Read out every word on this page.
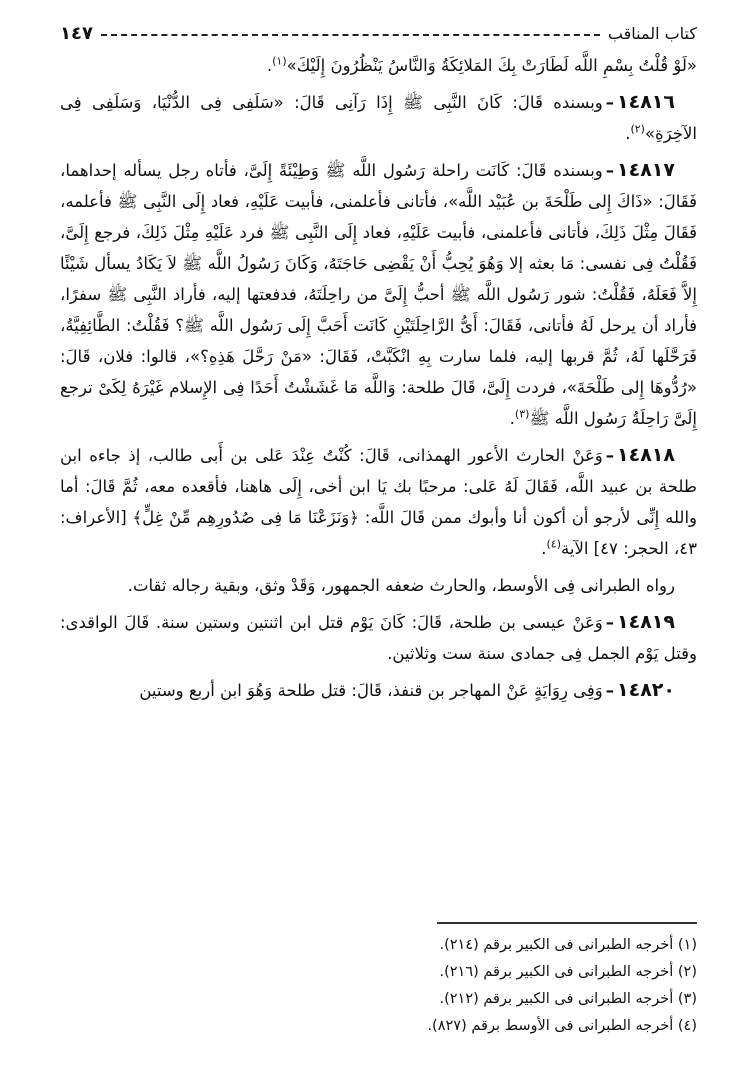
كتاب المناقب
١٤٧

«لَوْ قُلْتُ بِسْمِ اللَّه لَطَارَتْ بِكَ المَلائِكَةُ وَالنَّاسُ يَنْظُرُونَ إِلَيْكَ»$^{(١)}$.

١٤٨١٦–وبسنده قَالَ: كَانَ النَّبِى ﷺ إِذَا رَآنِى قَالَ: «سَلَفِى فِى الدُّنْيَا، وَسَلَفِى فِى الآخِرَةِ»$^{(٢)}$.

١٤٨١٧–وبسنده قَالَ: كَانَت راحلة رَسُول اللَّه ﷺ وَطِيْئَةً إِلَىَّ، فأتاه رجل يسأله إحداهما، فَقَالَ: «ذَاكَ إِلى طَلْحَةَ بن عُبَيْد اللَّه»، فأتانى فأعلمنى، فأبيت عَلَيْهِ، فعاد إِلَى النَّبِى ﷺ فأعلمه، فَقَالَ مِثْلَ ذَلِكَ، فأتانى فأعلمنى، فأبيت عَلَيْهِ، فعاد إِلَى النَّبِى ﷺ فرد عَلَيْهِ مِثْلَ ذَلِكَ، فرجع إِلَىَّ، فَقُلْتُ فِى نفسى: مَا بعثه إلا وَهُوَ يُحِبُّ أَنْ يَقْضِى حَاجَتَهُ، وَكَانَ رَسُولُ اللَّه ﷺ لاَ يَكَادُ يسأل شَيْئًا إِلاَّ فَعَلَهُ، فَقُلْتُ: شور رَسُول اللَّه ﷺ أحبُّ إِلَىَّ من راحِلَتَهُ، فدفعتها إليه، فأراد النَّبِى ﷺ سفرًا، فأراد أن يرحل لَهُ فأتانى، فَقَالَ: أَىُّ الرَّاحِلَتَيْنِ كَانَت أَحَبَّ إِلَى رَسُول اللَّه ﷺ؟ فَقُلْتُ: الطَّائِفِيَّةُ، فَرَحَّلَها لَهُ، ثُمَّ قربها إليه، فلما سارت بِهِ انْكَبَّتْ، فَقَالَ: «مَنْ رَحَّلَ هَذِهِ؟»، قالوا: فلان، قَالَ: «رُدُّوهَا إِلى طَلْحَةَ»، فردت إِلَىَّ، قَالَ طلحة: وَاللَّه مَا غَشَشْتُ أَحَدًا فِى الإِسلام غَيْرَهُ لِكَىْ ترجع إِلَىَّ رَاحِلَةُ رَسُول اللَّه ﷺ$^{(٣)}$.

١٤٨١٨–وَعَنْ الحارث الأعور الهمذانى، قَالَ: كُنْتُ عِنْدَ عَلى بن أَبى طالب، إذ جاءه ابن طلحة بن عبيد اللَّه، فَقَالَ لَهُ عَلى: مرحبًا بك يَا ابن أخى، إِلَى هاهنا، فأقعده معه، ثُمَّ قَالَ: أما والله إِنِّى لأرجو أن أكون أنا وأبوك ممن قَالَ اللَّه: ﴿وَنَزَعْنَا مَا فِى صُدُورِهِم مِّنْ غِلٍّ﴾ [الأعراف: ٤٣، الحجر: ٤٧] الآية$^{(٤)}$.

رواه الطبرانى فِى الأوسط، والحارث ضعفه الجمهور، وَقَدْ وثق، وبقية رجاله ثقات.

١٤٨١٩–وَعَنْ عيسى بن طلحة، قَالَ: كَانَ يَوْم قتل ابن اثنتين وستين سنة. قَالَ الواقدى: وقتل يَوْم الجمل فِى جمادى سنة ست وثلاثين.

١٤٨٢٠–وَفِى رِوَايَةٍ عَنْ المهاجر بن قنفذ، قَالَ: قتل طلحة وَهُوَ ابن أربع وستين

(١) أخرجه الطبرانى فى الكبير برقم (٢١٤).

(٢) أخرجه الطبرانى فى الكبير برقم (٢١٦).

(٣) أخرجه الطبرانى فى الكبير برقم (٢١٢).

(٤) أخرجه الطبرانى فى الأوسط برقم (٨٢٧).
